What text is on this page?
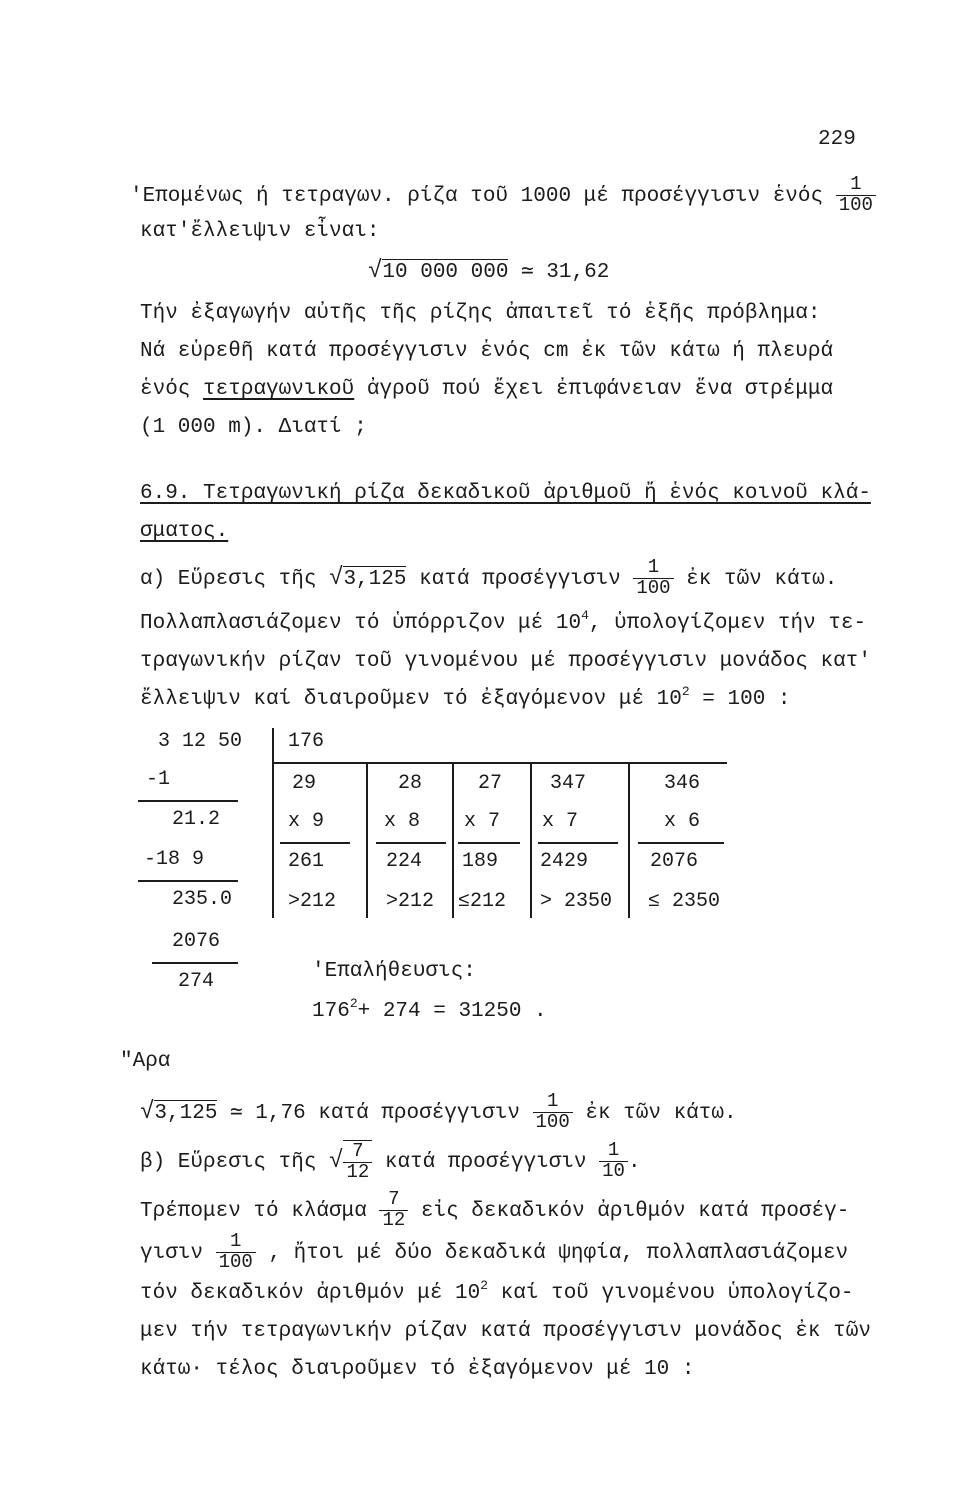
229
'Επομένως ή τετραγων. ρίζα τοῦ 1000 μέ προσέγγισιν ἑνός $\frac{1}{100}$
κατ'ἔλλειψιν εἶναι:
√10 000 000 ≃ 31,62
Τήν ἐξαγωγήν αὐτῆς τῆς ρίζης ἀπαιτεῖ τό ἑξῆς πρόβλημα:
Νά εὑρεθῆ κατά προσέγγισιν ἑνός cm ἐκ τῶν κάτω ή πλευρά
ἑνός τετραγωνικοῦ ἀγροῦ πού ἔχει ἐπιφάνειαν ἕνα στρέμμα
(1 000 m). Διατί ;
6.9. Τετραγωνική ρίζα δεκαδικοῦ ἀριθμοῦ ἤ ἑνός κοινοῦ κλά-
σματος.
α) Εὕρεσις τῆς √3,125 κατά προσέγγισιν $\frac{1}{100}$ ἐκ τῶν κάτω.
Πολλαπλασιάζομεν τό ὑπόρριζον μέ $10^4$, ὑπολογίζομεν τήν τε-
τραγωνικήν ρίζαν τοῦ γινομένου μέ προσέγγισιν μονάδος κατ'
ἔλλειψιν καί διαιροῦμεν τό ἐξαγόμενον μέ $10^2 = 100$ :
3 12 50
-1
21.2
-18 9
235.0
2076
274
176
29
x 9
261
>212
28
x 8
224
>212
27
x 7
189
≤212
347
x 7
2429
> 2350
346
x 6
2076
≤ 2350
'Επαλήθευσις:
$176^2+ 274 = 31250$ .
"Αρα
√3,125 ≃ 1,76 κατά προσέγγισιν $\frac{1}{100}$ ἐκ τῶν κάτω.
β) Εὕρεσις τῆς √ $\frac{7}{12}$ κατά προσέγγισιν $\frac{1}{10}$ .
Τρέπομεν τό κλάσμα $\frac{7}{12}$ εἰς δεκαδικόν ἀριθμόν κατά προσέγ-
γισιν $\frac{1}{100}$ , ἤτοι μέ δύο δεκαδικά ψηφία, πολλαπλασιάζομεν
τόν δεκαδικόν ἀριθμόν μέ $10^2$ καί τοῦ γινομένου ὑπολογίζο-
μεν τήν τετραγωνικήν ρίζαν κατά προσέγγισιν μονάδος ἐκ τῶν
κάτω· τέλος διαιροῦμεν τό ἐξαγόμενον μέ 10 :
